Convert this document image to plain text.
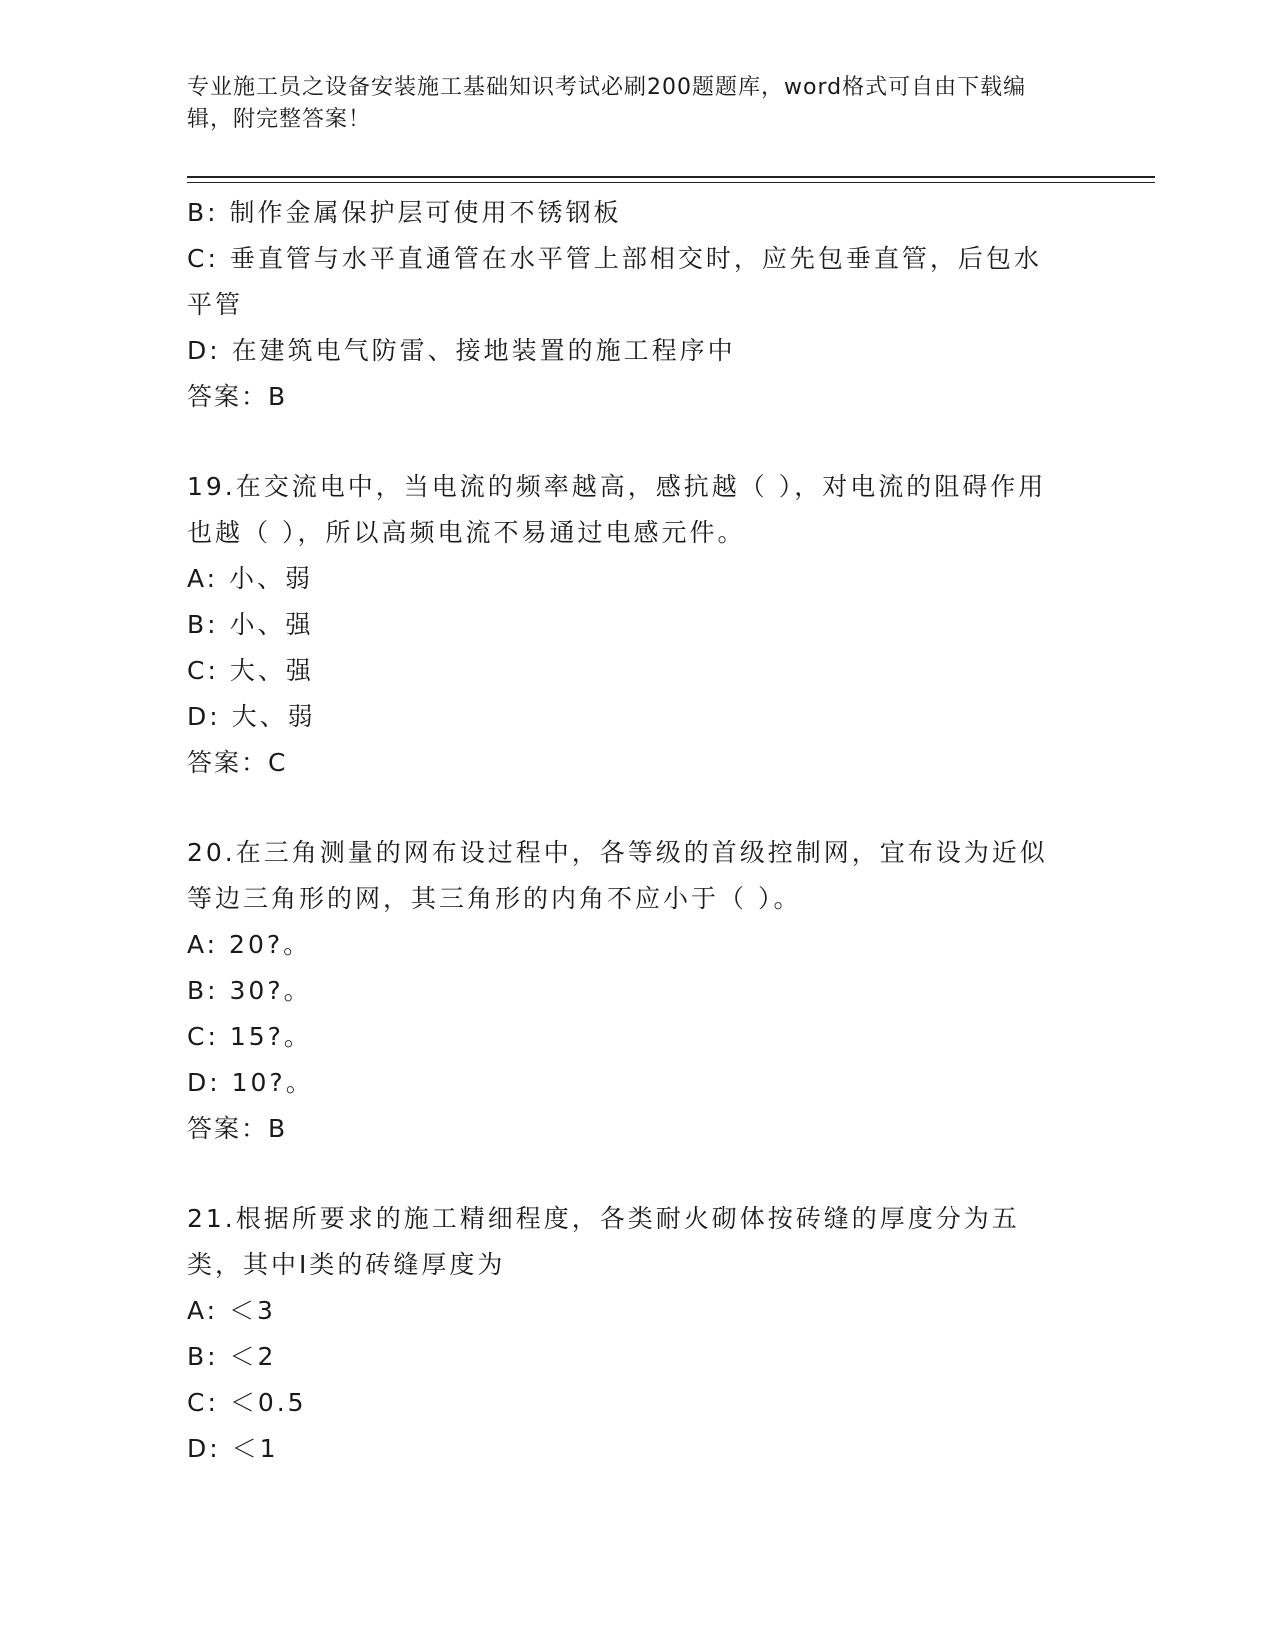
专业施工员之设备安装施工基础知识考试必刷200题题库，word格式可自由下载编辑，附完整答案！
B: 制作金属保护层可使用不锈钢板
C: 垂直管与水平直通管在水平管上部相交时，应先包垂直管，后包水平管
D: 在建筑电气防雷、接地装置的施工程序中
答案：B
19.在交流电中，当电流的频率越高，感抗越（ ），对电流的阻碍作用也越（ ），所以高频电流不易通过电感元件。
A: 小、弱
B: 小、强
C: 大、强
D: 大、弱
答案：C
20.在三角测量的网布设过程中，各等级的首级控制网，宜布设为近似等边三角形的网，其三角形的内角不应小于（ ）。
A: 20?。
B: 30?。
C: 15?。
D: 10?。
答案：B
21.根据所要求的施工精细程度，各类耐火砌体按砖缝的厚度分为五类，其中Ⅰ类的砖缝厚度为
A: ＜3
B: ＜2
C: ＜0.5
D: ＜1
